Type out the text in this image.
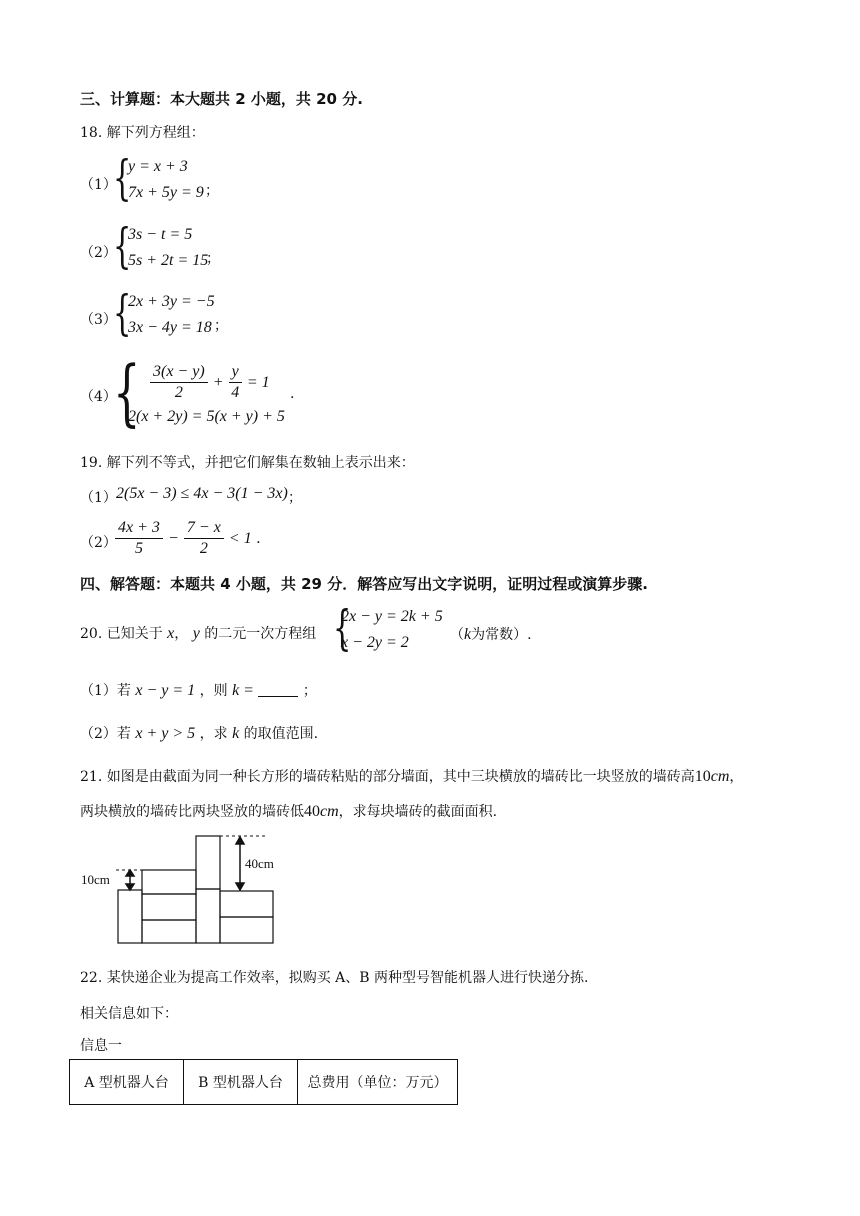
三、计算题：本大题共 2 小题，共 20 分.
18. 解下列方程组：
（1）
{
y = x + 3
7x + 5y = 9 ；
（2）
{
3s − t = 5
5s + 2t = 15
；
（3）
{
2x + 3y = −5
3x − 4y = 18 ；
（4）
{ $\frac{3(x - y)}{2} + \frac{y}{4} = 1$
2(x + 2y) = 5(x + y) + 5
.
19. 解下列不等式，并把它们解集在数轴上表示出来：
（1） 2(5x − 3) ≤ 4x − 3(1 − 3x) ；
（2）
$\frac{4x + 3}{5} - \frac{7 - x}{2} < 1$ .
四、解答题：本题共 4 小题，共 29 分．解答应写出文字说明，证明过程或演算步骤.
20. 已知关于 x， y 的二元一次方程组 {
2x − y = 2k + 5
x − 2y = 2	（k为常数）.
（1）若 x − y = 1 ，则 k =	；
（2）若 x + y > 5 ，求 k 的取值范围.
21. 如图是由截面为同一种长方形的墙砖粘贴的部分墙面，其中三块横放的墙砖比一块竖放的墙砖高10cm，
两块横放的墙砖比两块竖放的墙砖低40cm，求每块墙砖的截面面积.
10cm
40cm
22. 某快递企业为提高工作效率，拟购买 A、B 两种型号智能机器人进行快递分拣.
相关信息如下：
信息一
A 型机器人台	B 型机器人台	总费用（单位：万元）
